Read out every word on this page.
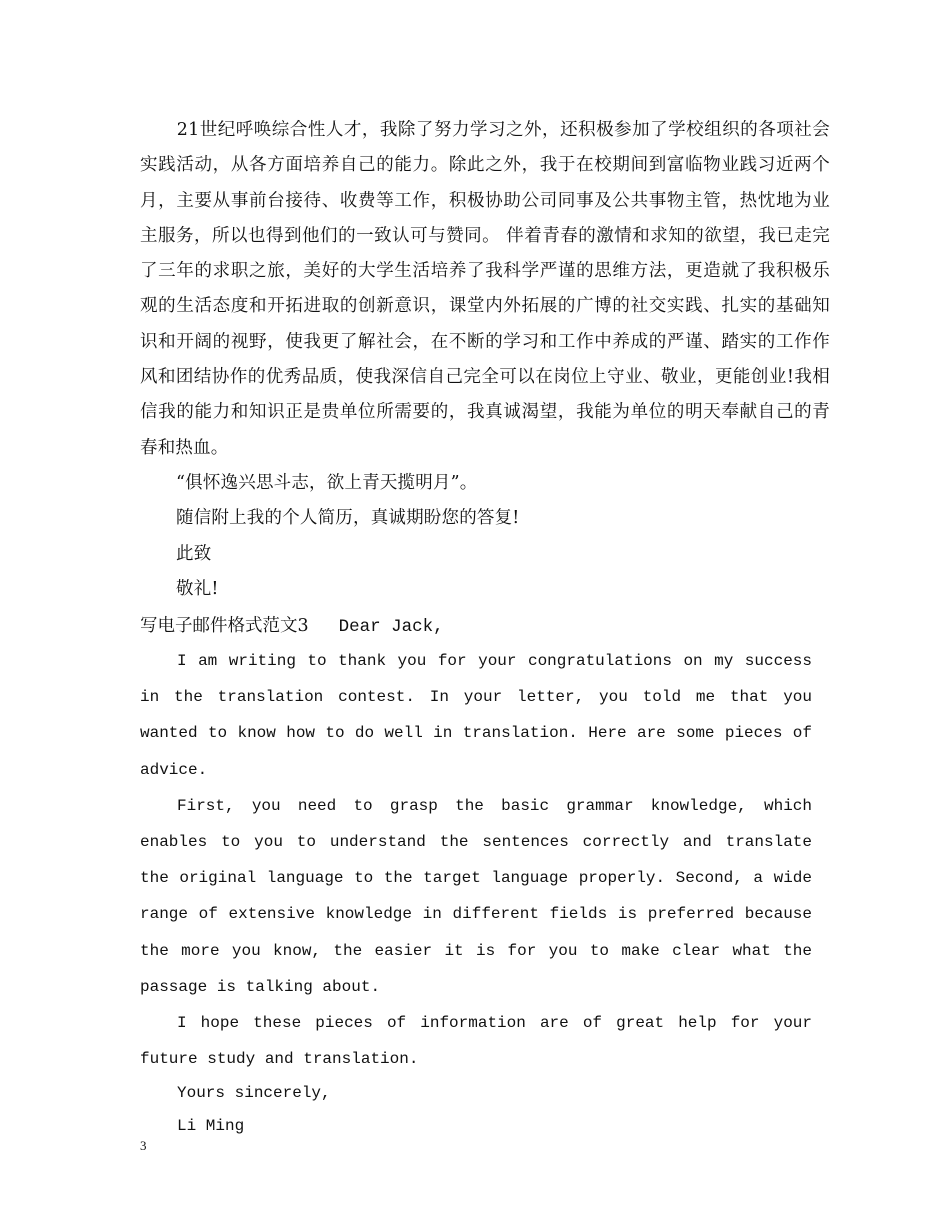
21世纪呼唤综合性人才，我除了努力学习之外，还积极参加了学校组织的各项社会实践活动，从各方面培养自己的能力。除此之外，我于在校期间到富临物业践习近两个月，主要从事前台接待、收费等工作，积极协助公司同事及公共事物主管，热忱地为业主服务，所以也得到他们的一致认可与赞同。 伴着青春的激情和求知的欲望，我已走完了三年的求职之旅，美好的大学生活培养了我科学严谨的思维方法，更造就了我积极乐观的生活态度和开拓进取的创新意识，课堂内外拓展的广博的社交实践、扎实的基础知识和开阔的视野，使我更了解社会，在不断的学习和工作中养成的严谨、踏实的工作作风和团结协作的优秀品质，使我深信自己完全可以在岗位上守业、敬业，更能创业!我相信我的能力和知识正是贵单位所需要的，我真诚渴望，我能为单位的明天奉献自己的青春和热血。

“俱怀逸兴思斗志，欲上青天揽明月”。
随信附上我的个人简历，真诚期盼您的答复!
此致
敬礼!
写电子邮件格式范文3 Dear Jack,

I am writing to thank you for your congratulations on my success in the translation contest. In your letter, you told me that you wanted to know how to do well in translation. Here are some pieces of advice.

First, you need to grasp the basic grammar knowledge, which enables to you to understand the sentences correctly and translate the original language to the target language properly. Second, a wide range of extensive knowledge in different fields is preferred because the more you know, the easier it is for you to make clear what the passage is talking about.

I hope these pieces of information are of great help for your future study and translation.

Yours sincerely,
Li Ming
3
